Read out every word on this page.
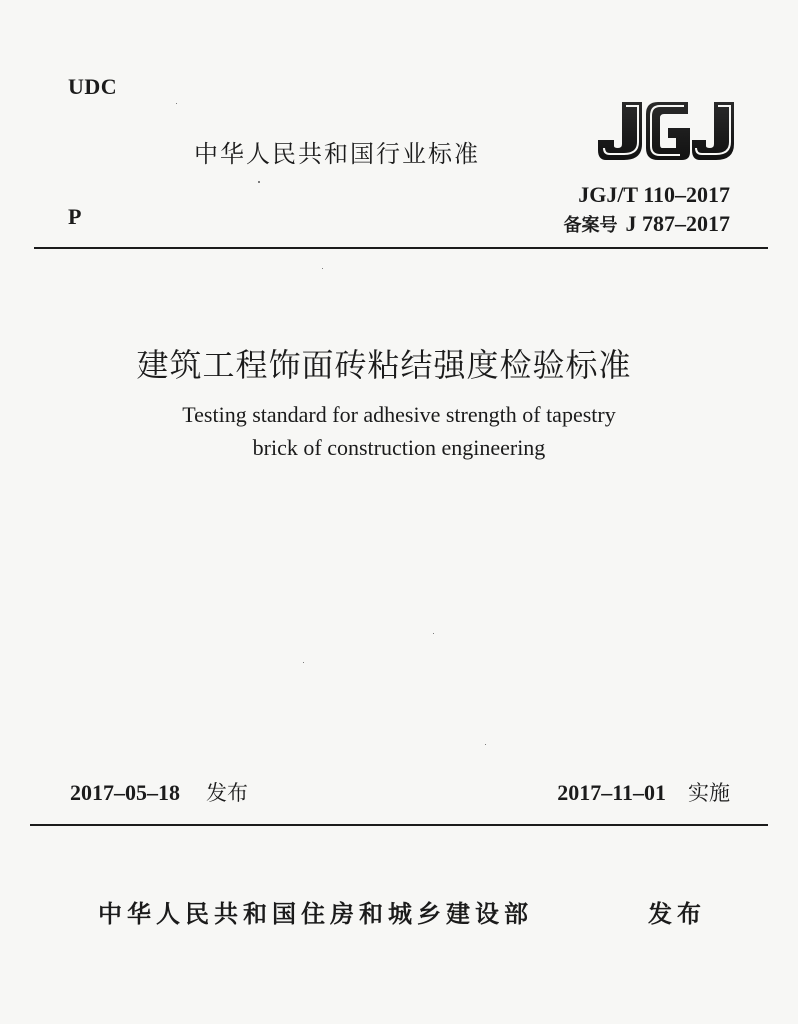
UDC
中华人民共和国行业标准	JGJ
JGJ/T 110–2017
备案号 J 787–2017
P
建筑工程饰面砖粘结强度检验标准
Testing standard for adhesive strength of tapestry
brick of construction engineering
2017–05–18 发布	2017–11–01 实施
中华人民共和国住房和城乡建设部	发布
